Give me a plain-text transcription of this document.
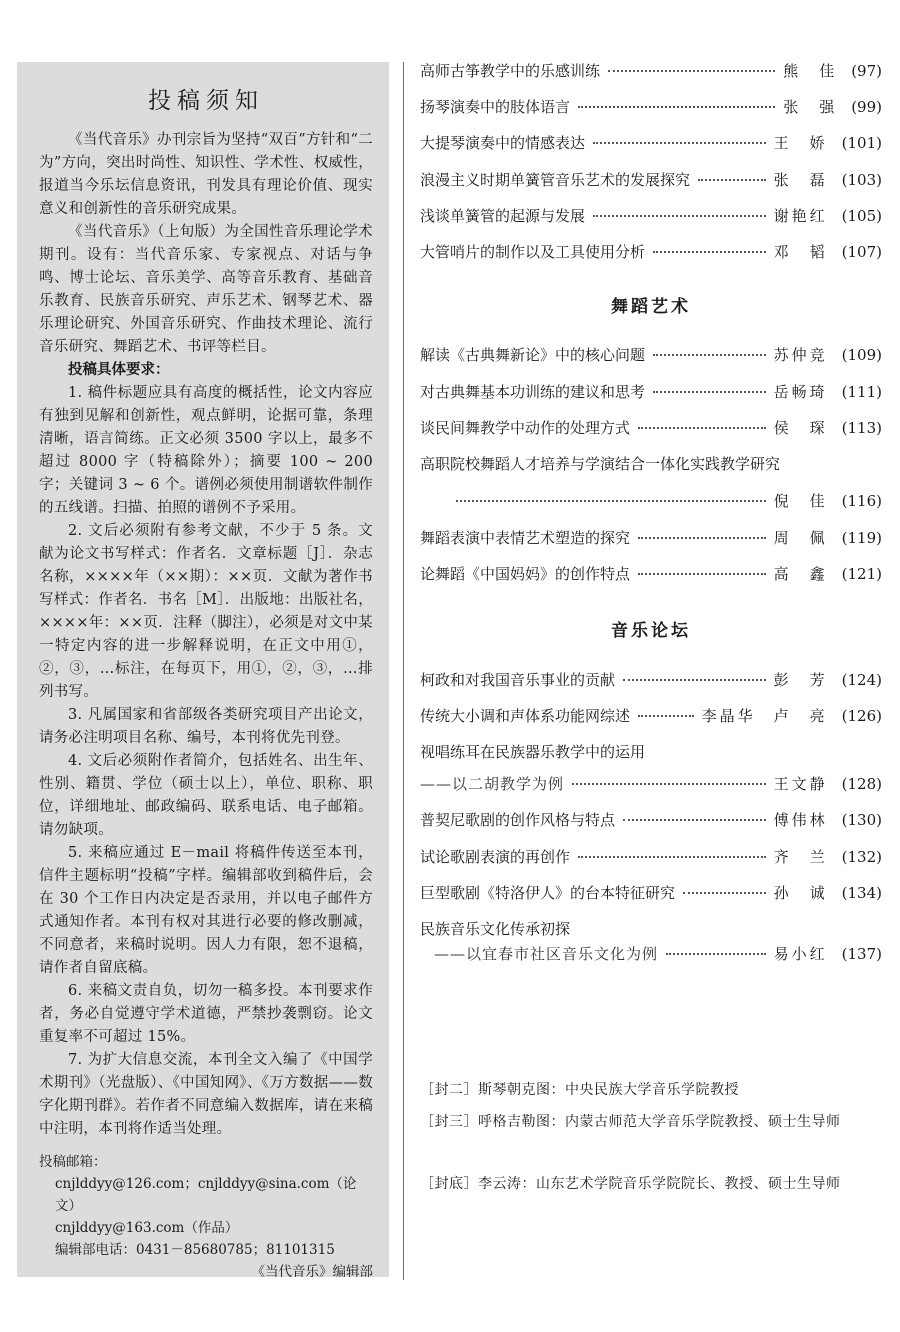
投稿须知

《当代音乐》办刊宗旨为坚持“双百”方针和“二为”方向，突出时尚性、知识性、学术性、权威性，报道当今乐坛信息资讯，刊发具有理论价值、现实意义和创新性的音乐研究成果。

《当代音乐》（上旬版）为全国性音乐理论学术期刊。设有：当代音乐家、专家视点、对话与争鸣、博士论坛、音乐美学、高等音乐教育、基础音乐教育、民族音乐研究、声乐艺术、钢琴艺术、器乐理论研究、外国音乐研究、作曲技术理论、流行音乐研究、舞蹈艺术、书评等栏目。

投稿具体要求：

1. 稿件标题应具有高度的概括性，论文内容应有独到见解和创新性，观点鲜明，论据可靠，条理清晰，语言简练。正文必须 3500 字以上，最多不超过 8000 字（特稿除外）；摘要 100 ~ 200 字；关键词 3 ~ 6 个。谱例必须使用制谱软件制作的五线谱。扫描、拍照的谱例不予采用。

2. 文后必须附有参考文献，不少于 5 条。文献为论文书写样式：作者名．文章标题［J］．杂志名称，××××年（××期）：××页．文献为著作书写样式：作者名．书名［M］．出版地：出版社名，××××年：××页．注释（脚注），必须是对文中某一特定内容的进一步解释说明，在正文中用①，②，③，…标注，在每页下，用①，②，③，…排列书写。

3. 凡属国家和省部级各类研究项目产出论文，请务必注明项目名称、编号，本刊将优先刊登。

4. 文后必须附作者简介，包括姓名、出生年、性别、籍贯、学位（硕士以上），单位、职称、职位，详细地址、邮政编码、联系电话、电子邮箱。请勿缺项。

5. 来稿应通过 E－mail 将稿件传送至本刊，信件主题标明“投稿”字样。编辑部收到稿件后，会在 30 个工作日内决定是否录用，并以电子邮件方式通知作者。本刊有权对其进行必要的修改删减，不同意者，来稿时说明。因人力有限，恕不退稿，请作者自留底稿。

6. 来稿文责自负，切勿一稿多投。本刊要求作者，务必自觉遵守学术道德，严禁抄袭剽窃。论文重复率不可超过 15%。

7. 为扩大信息交流，本刊全文入编了《中国学术期刊》（光盘版）、《中国知网》、《万方数据——数字化期刊群》。若作者不同意编入数据库，请在来稿中注明，本刊将作适当处理。

投稿邮箱：
cnjlddyy@126.com；cnjlddyy@sina.com（论文）
cnjlddyy@163.com（作品）
编辑部电话：0431－85680785；81101315
《当代音乐》编辑部
高师古筝教学中的乐感训练	熊　佳 (97)
扬琴演奏中的肢体语言	张　强 (99)
大提琴演奏中的情感表达	王　娇 (101)
浪漫主义时期单簧管音乐艺术的发展探究	张　磊 (103)
浅谈单簧管的起源与发展	谢艳红 (105)
大管哨片的制作以及工具使用分析	邓　韬 (107)
舞蹈艺术
解读《古典舞新论》中的核心问题	苏仲竞 (109)
对古典舞基本功训练的建议和思考	岳畅琦 (111)
谈民间舞教学中动作的处理方式	侯　琛 (113)
高职院校舞蹈人才培养与学演结合一体化实践教学研究
倪　佳 (116)
舞蹈表演中表情艺术塑造的探究	周　佩 (119)
论舞蹈《中国妈妈》的创作特点	高　鑫 (121)
音乐论坛
柯政和对我国音乐事业的贡献	彭　芳 (124)
传统大小调和声体系功能网综述	李晶华　卢　亮 (126)
视唱练耳在民族器乐教学中的运用
——以二胡教学为例	王文静 (128)
普契尼歌剧的创作风格与特点	傅伟林 (130)
试论歌剧表演的再创作	齐　兰 (132)
巨型歌剧《特洛伊人》的台本特征研究	孙　诚 (134)
民族音乐文化传承初探
——以宜春市社区音乐文化为例	易小红 (137)
［封二］ 斯琴朝克图：中央民族大学音乐学院教授
［封三］ 呼格吉勒图：内蒙古师范大学音乐学院教授、硕士生导师
［封底］ 李云涛：山东艺术学院音乐学院院长、教授、硕士生导师
